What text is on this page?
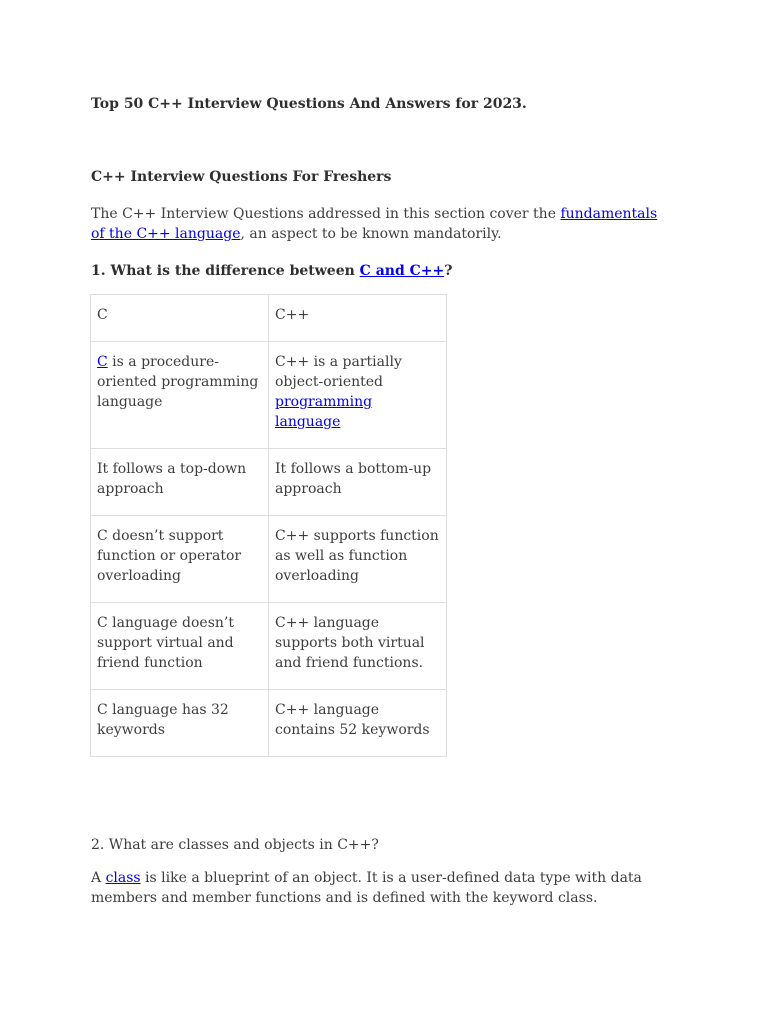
Top 50 C++ Interview Questions And Answers for 2023.

C++ Interview Questions For Freshers

The C++ Interview Questions addressed in this section cover the fundamentals of the C++ language, an aspect to be known mandatorily.

1. What is the difference between C and C++?

C	C++
C is a procedure-oriented programming language	C++ is a partially object-oriented programming language
It follows a top-down approach	It follows a bottom-up approach
C doesn’t support function or operator overloading	C++ supports function as well as function overloading
C language doesn’t support virtual and friend function	C++ language supports both virtual and friend functions.
C language has 32 keywords	C++ language contains 52 keywords

2. What are classes and objects in C++?

A class is like a blueprint of an object. It is a user-defined data type with data members and member functions and is defined with the keyword class.
